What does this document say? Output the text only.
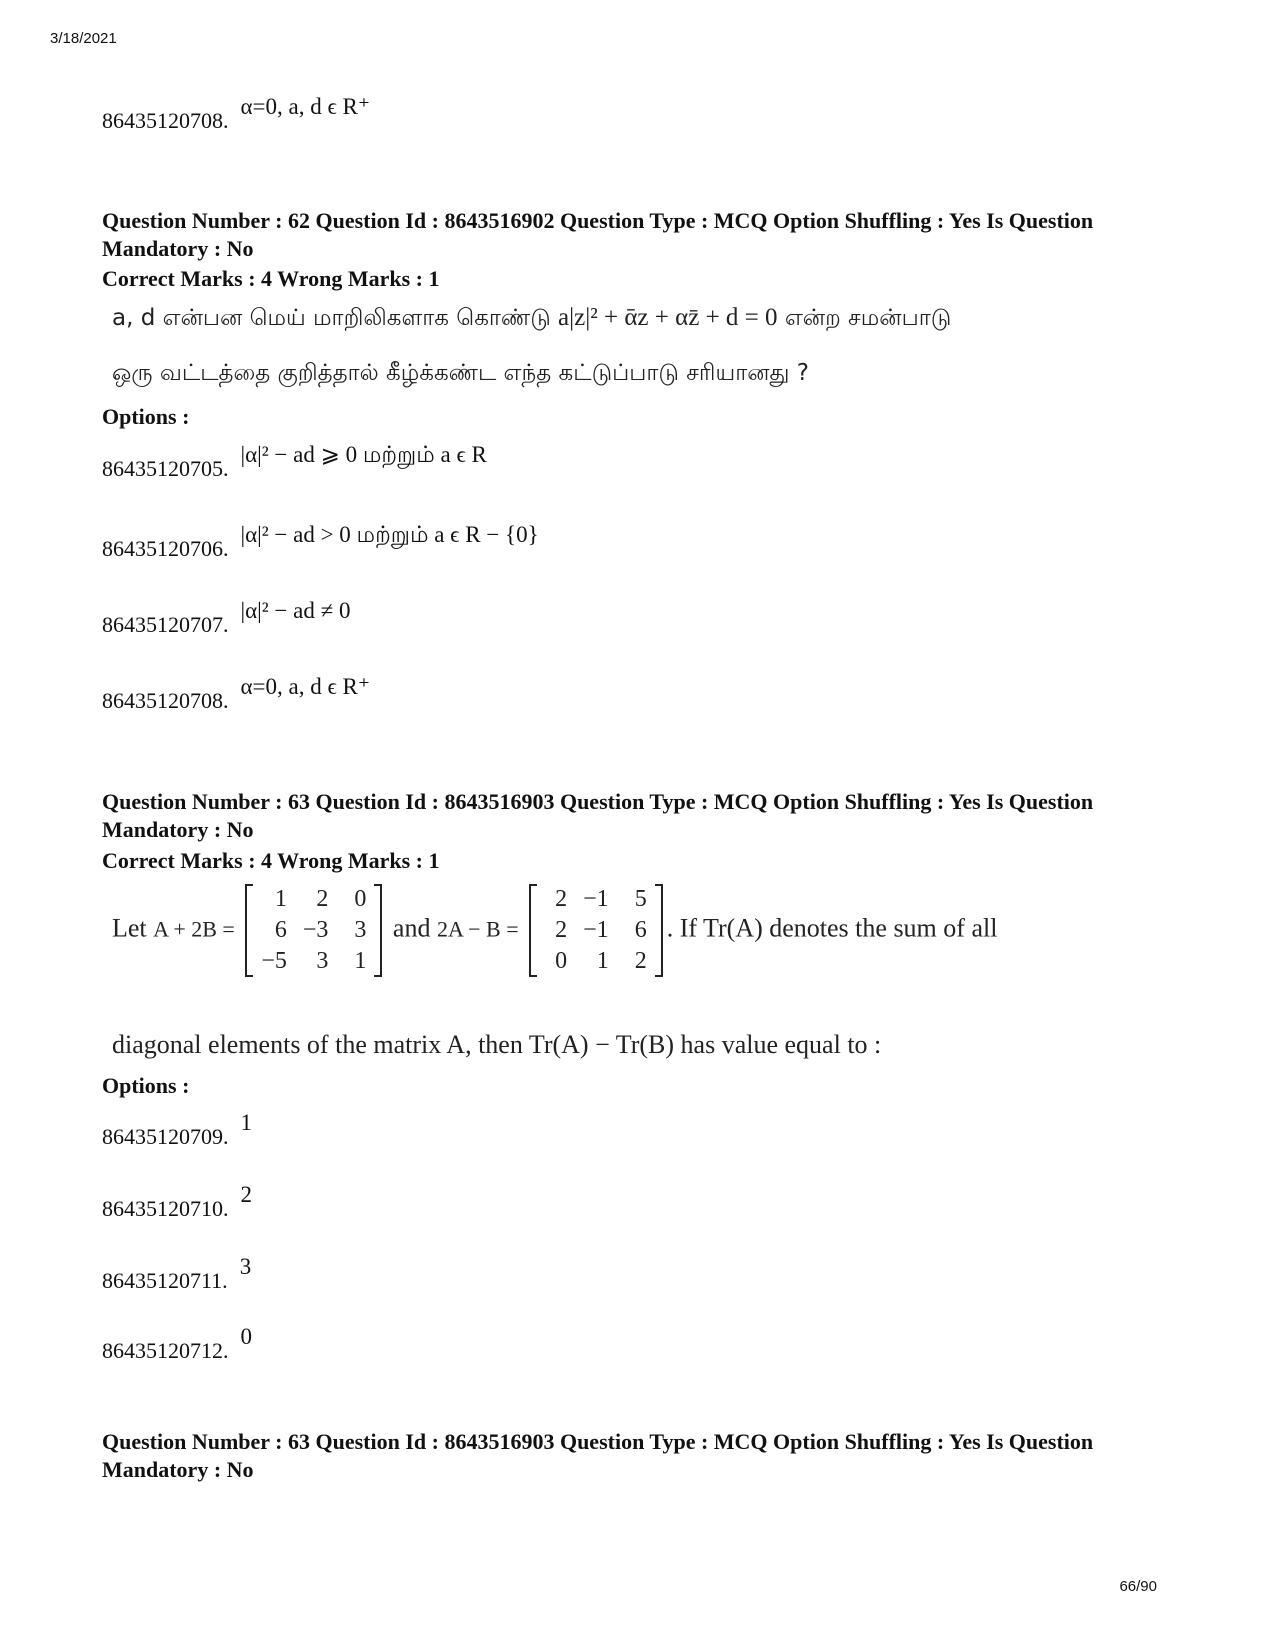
3/18/2021
86435120708.α=0, a, d ϵ R⁺
Question Number : 62 Question Id : 8643516902 Question Type : MCQ Option Shuffling : Yes Is Question Mandatory : No
Correct Marks : 4 Wrong Marks : 1
a, d என்பன மெய் மாறிலிகளாக கொண்டு a|z|² + ᾱz + αz̄ + d = 0 என்ற சமன்பாடு
ஒரு வட்டத்தை குறித்தால் கீழ்க்கண்ட எந்த கட்டுப்பாடு சரியானது ?
Options :
86435120705.|α|² − ad ⩾ 0 மற்றும் a ϵ R
86435120706.|α|² − ad > 0 மற்றும் a ϵ R − {0}
86435120707.|α|² − ad ≠ 0
86435120708.α=0, a, d ϵ R⁺
Question Number : 63 Question Id : 8643516903 Question Type : MCQ Option Shuffling : Yes Is Question Mandatory : No
Correct Marks : 4 Wrong Marks : 1
Let A + 2B =
1	2	0
6	−3	3
−5	3	1
and 2A − B =
2	−1	5
2	−1	6
0	1	2
. If Tr(A) denotes the sum of all
diagonal elements of the matrix A, then Tr(A) − Tr(B) has value equal to :
Options :
86435120709.1
86435120710.2
86435120711.3
86435120712.0
Question Number : 63 Question Id : 8643516903 Question Type : MCQ Option Shuffling : Yes Is Question Mandatory : No
66/90
